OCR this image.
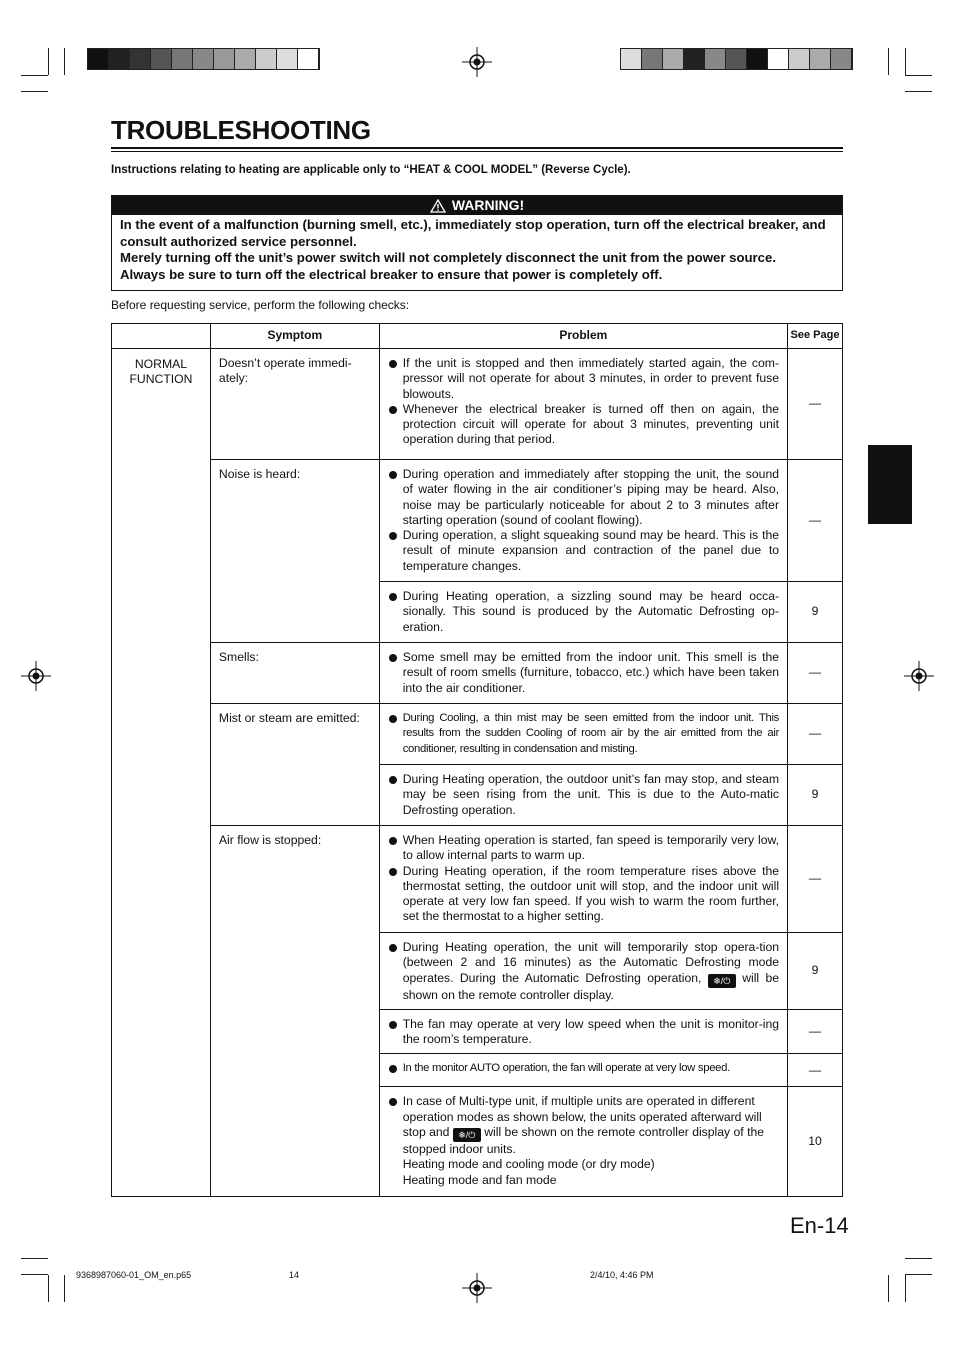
TROUBLESHOOTING
Instructions relating to heating are applicable only to “HEAT & COOL MODEL” (Reverse Cycle).
WARNING!

In the event of a malfunction (burning smell, etc.), immediately stop operation, turn off the electrical breaker, and consult authorized service personnel.

Merely turning off the unit’s power switch will not completely disconnect the unit from the power source.

Always be sure to turn off the electrical breaker to ensure that power is completely off.

Before requesting service, perform the following checks:
	Symptom	Problem	See Page
NORMAL FUNCTION	Doesn’t operate immedi-ately:	If the unit is stopped and then immediately started again, the com-pressor will not operate for about 3 minutes, in order to prevent fuse blowouts.
Whenever the electrical breaker is turned off then on again, the protection circuit will operate for about 3 minutes, preventing unit operation during that period.	—
	Noise is heard:	During operation and immediately after stopping the unit, the sound of water flowing in the air conditioner’s piping may be heard. Also, noise may be particularly noticeable for about 2 to 3 minutes after starting operation (sound of coolant flowing).
During operation, a slight squeaking sound may be heard. This is the result of minute expansion and contraction of the panel due to temperature changes.	—

		During Heating operation, a sizzling sound may be heard occa-sionally. This sound is produced by the Automatic Defrosting op-eration.	9
	Smells:	Some smell may be emitted from the indoor unit. This smell is the result of room smells (furniture, tobacco, etc.) which have been taken into the air conditioner.	—
	Mist or steam are emitted:	During Cooling, a thin mist may be seen emitted from the indoor unit. This results from the sudden Cooling of room air by the air emitted from the air conditioner, resulting in condensation and misting.	—

		During Heating operation, the outdoor unit’s fan may stop, and steam may be seen rising from the unit. This is due to the Auto-matic Defrosting operation.	9
	Air flow is stopped:	When Heating operation is started, fan speed is temporarily very low, to allow internal parts to warm up.
During Heating operation, if the room temperature rises above the thermostat setting, the outdoor unit will stop, and the indoor unit will operate at very low fan speed. If you wish to warm the room further, set the thermostat to a higher setting.	—

		During Heating operation, the unit will temporarily stop opera-tion (between 2 and 16 minutes) as the Automatic Defrosting mode operates. During the Automatic Defrosting operation, ❄/⏻ will be shown on the remote controller display.	9

		The fan may operate at very low speed when the unit is monitor-ing the room’s temperature.	—

		In the monitor AUTO operation, the fan will operate at very low speed.	—

		In case of Multi-type unit, if multiple units are operated in different operation modes as shown below, the units operated afterward will stop and ❄/⏻ will be shown on the remote controller display of the stopped indoor units.
Heating mode and cooling mode (or dry mode)
Heating mode and fan mode	10
En-14
9368987060-01_OM_en.p65	14	2/4/10, 4:46 PM
